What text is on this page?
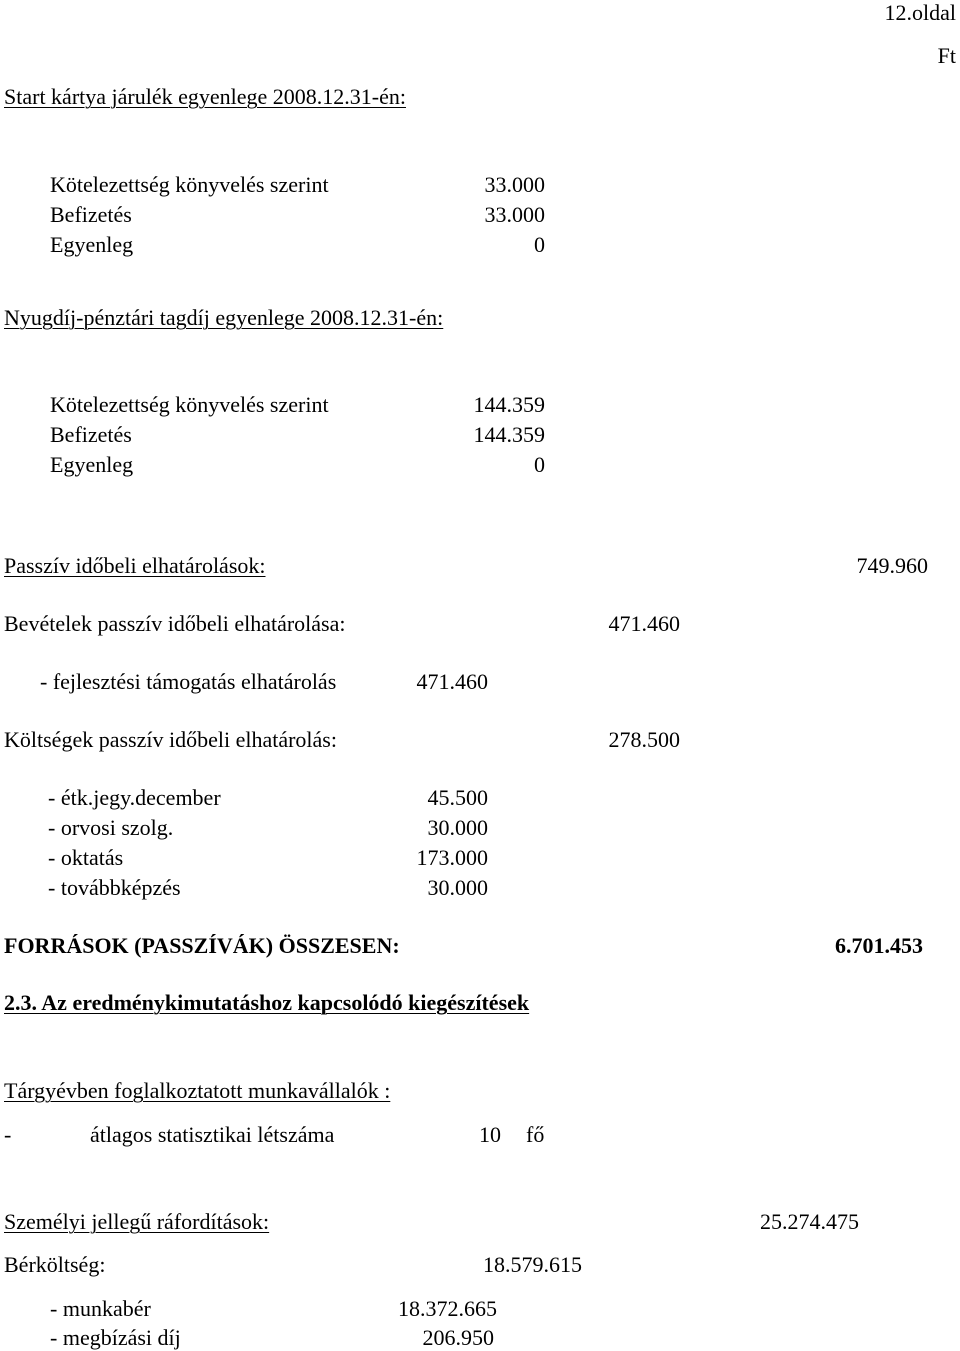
12.oldal
Ft
Start kártya járulék egyenlege 2008.12.31-én:
Kötelezettség könyvelés szerint	33.000
Befizetés	33.000
Egyenleg	0
Nyugdíj-pénztári tagdíj egyenlege 2008.12.31-én:
Kötelezettség könyvelés szerint	144.359
Befizetés	144.359
Egyenleg	0
Passzív időbeli elhatárolások:	749.960
Bevételek passzív időbeli elhatárolása:	471.460
- fejlesztési támogatás elhatárolás	471.460
Költségek passzív időbeli elhatárolás:	278.500
- étk.jegy.december	45.500
- orvosi szolg.	30.000
- oktatás	173.000
- továbbképzés	30.000
FORRÁSOK (PASSZÍVÁK) ÖSSZESEN:	6.701.453
2.3. Az eredménykimutatáshoz kapcsolódó kiegészítések
Tárgyévben foglalkoztatott munkavállalók :
-	átlagos statisztikai létszáma	10 fő
Személyi jellegű ráfordítások:	25.274.475
Bérköltség:	18.579.615
- munkabér	18.372.665
- megbízási díj	206.950
